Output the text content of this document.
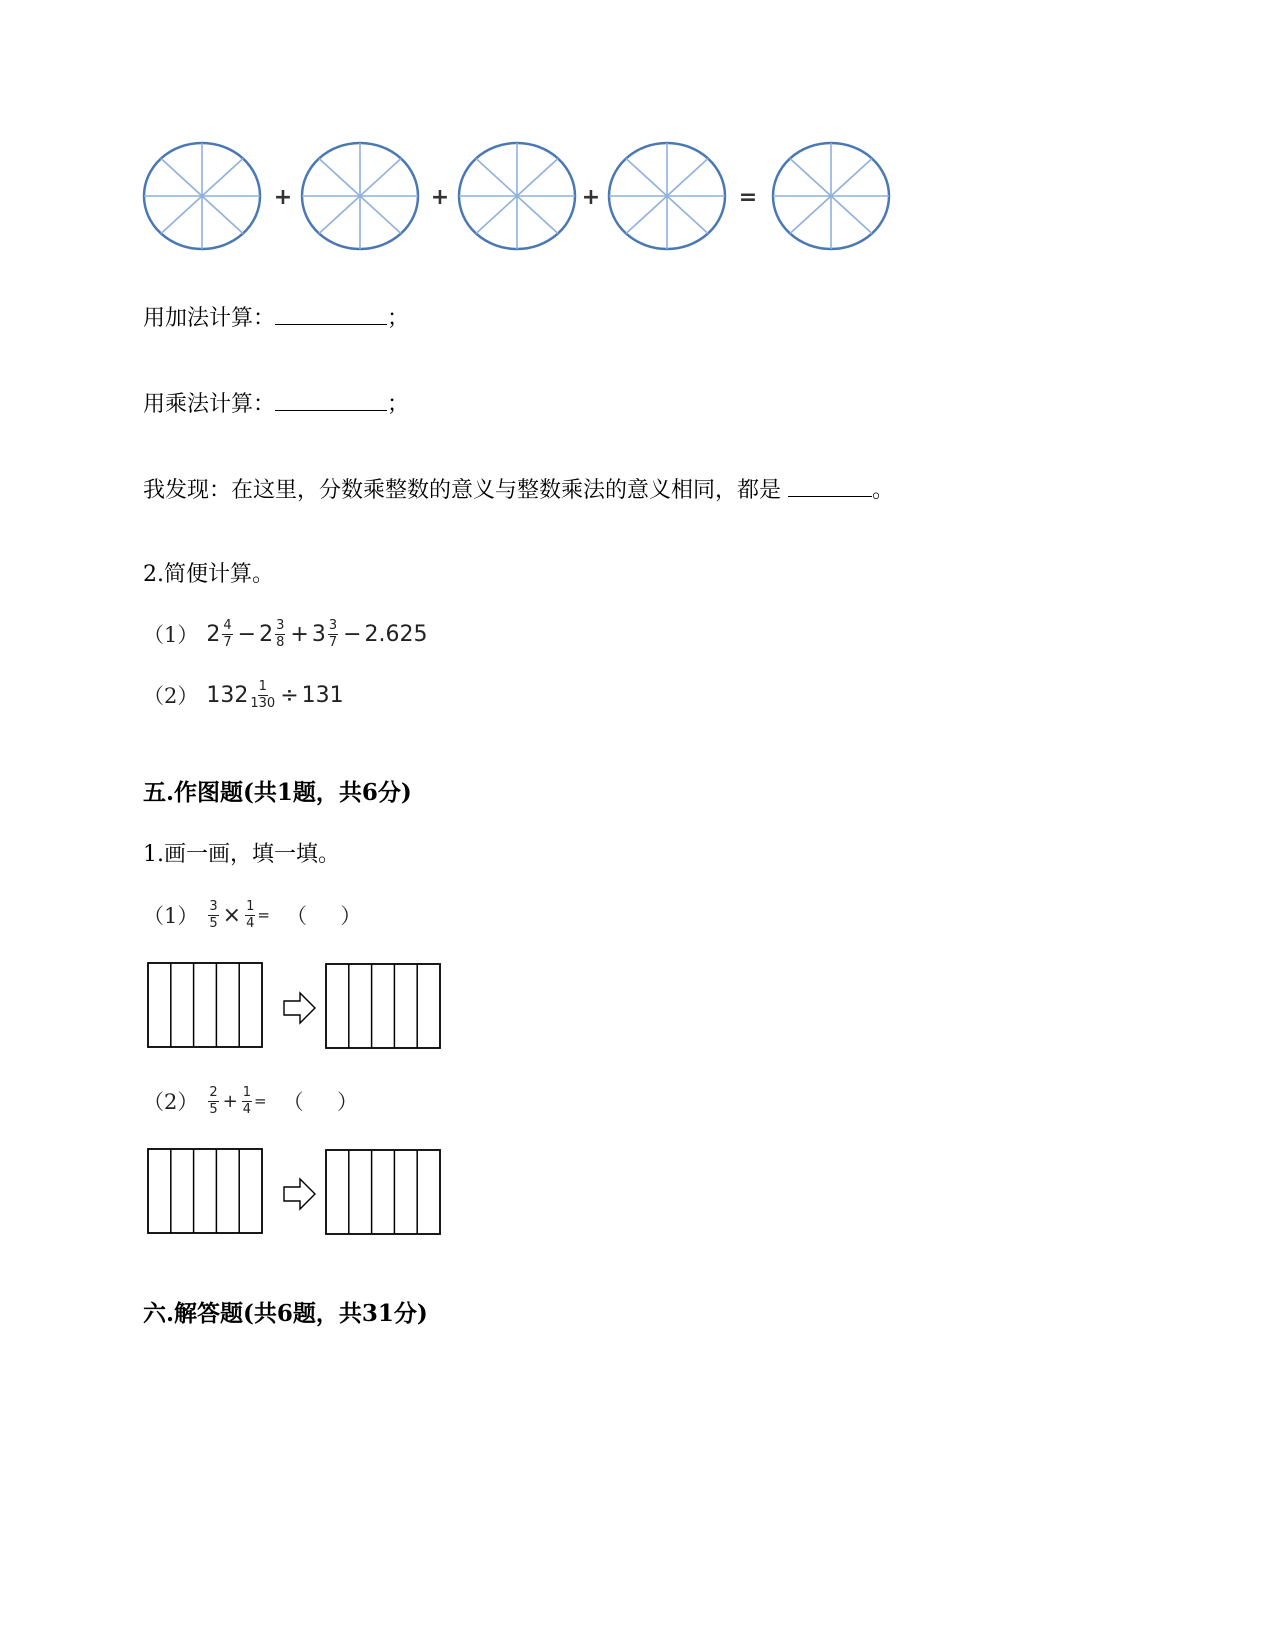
+	+	+	=
用加法计算：	；
用乘法计算：	；
我发现：在这里，分数乘整数的意义与整数乘法的意义相同，都是	。
2.简便计算。
（1） $2 \frac{4}{7} - 2 \frac{3}{8} + 3 \frac{3}{7} - 2.625$
（2） $132 \frac{1}{130} \div 131$
五.作图题(共1题，共6分)
1.画一画，填一填。
$(1) \frac{3}{5} \times \frac{1}{4}$ = （     ）
$(2) \frac{2}{5} + \frac{1}{4}$ = （     ）
六.解答题(共6题，共31分)
